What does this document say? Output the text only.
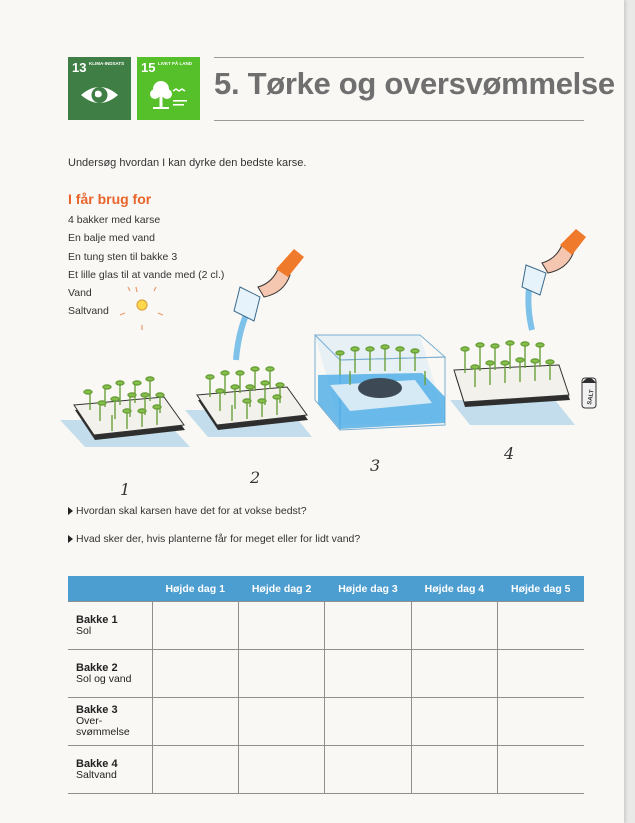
13 KLIMA-INDSATS 15 LIVET PÅ LAND
5. Tørke og oversvømmelse
Undersøg hvordan I kan dyrke den bedste karse.
I får brug for
4 bakker med karse
En balje med vand
En tung sten til bakke 3
Et lille glas til at vande med (2 cl.)
Vand
Saltvand
SALT
1
2
3
4
Hvordan skal karsen have det for at vokse bedst?
Hvad sker der, hvis planterne får for meget eller for lidt vand?
	Højde dag 1	Højde dag 2	Højde dag 3	Højde dag 4	Højde dag 5

Bakke 1
Sol					

Bakke 2
Sol og vand					

Bakke 3
Over-svømmelse					

Bakke 4
Saltvand					
